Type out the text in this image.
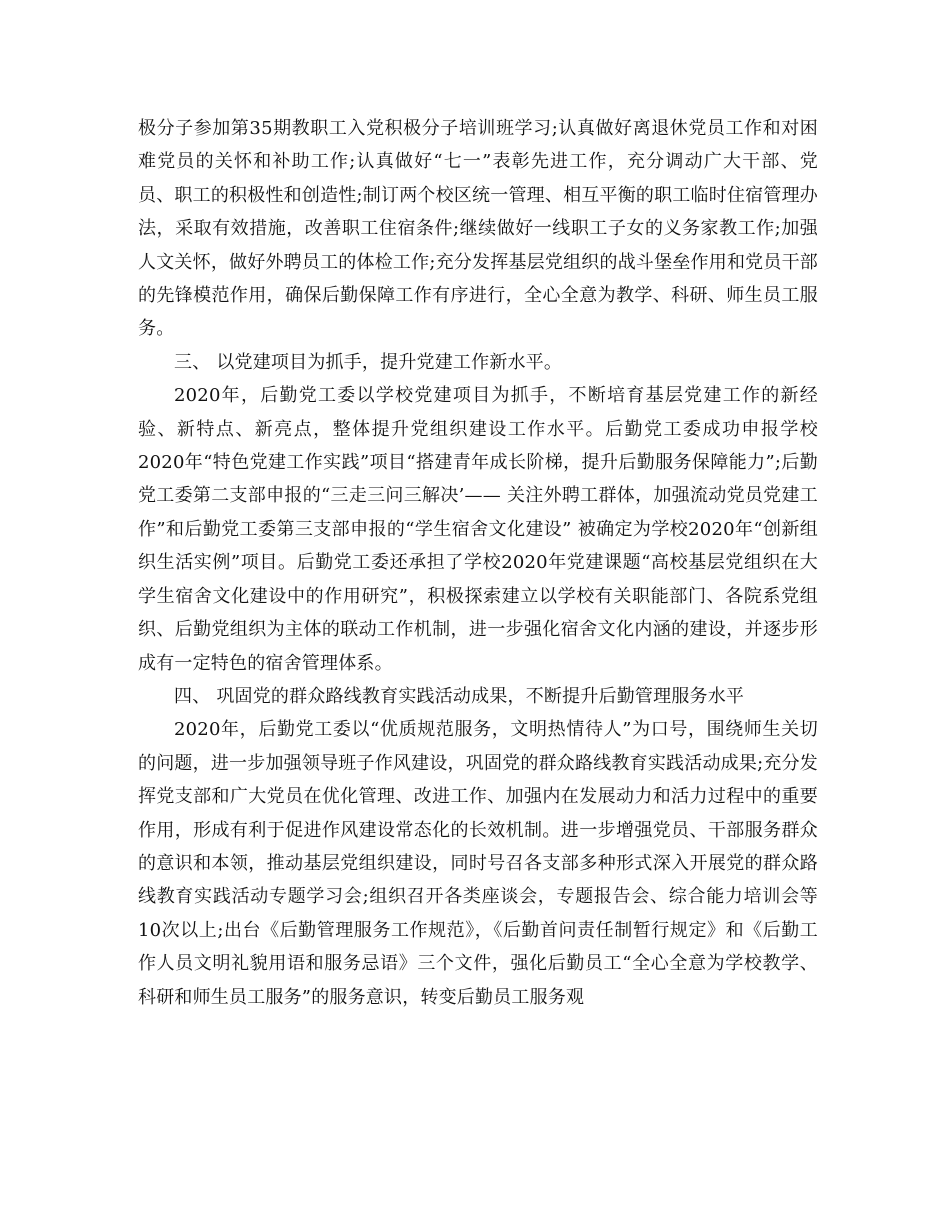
极分子参加第35期教职工入党积极分子培训班学习;认真做好离退休党员工作和对困难党员的关怀和补助工作;认真做好“七一”表彰先进工作，充分调动广大干部、党员、职工的积极性和创造性;制订两个校区统一管理、相互平衡的职工临时住宿管理办法，采取有效措施，改善职工住宿条件;继续做好一线职工子女的义务家教工作;加强人文关怀，做好外聘员工的体检工作;充分发挥基层党组织的战斗堡垒作用和党员干部的先锋模范作用，确保后勤保障工作有序进行，全心全意为教学、科研、师生员工服务。

三、 以党建项目为抓手，提升党建工作新水平。

2020年，后勤党工委以学校党建项目为抓手，不断培育基层党建工作的新经验、新特点、新亮点，整体提升党组织建设工作水平。后勤党工委成功申报学校2020年“特色党建工作实践”项目“搭建青年成长阶梯，提升后勤服务保障能力”;后勤党工委第二支部申报的“三走三问三解决’—— 关注外聘工群体，加强流动党员党建工作”和后勤党工委第三支部申报的“学生宿舍文化建设” 被确定为学校2020年“创新组织生活实例”项目。后勤党工委还承担了学校2020年党建课题“高校基层党组织在大学生宿舍文化建设中的作用研究”，积极探索建立以学校有关职能部门、各院系党组织、后勤党组织为主体的联动工作机制，进一步强化宿舍文化内涵的建设，并逐步形成有一定特色的宿舍管理体系。

四、 巩固党的群众路线教育实践活动成果，不断提升后勤管理服务水平

2020年，后勤党工委以“优质规范服务，文明热情待人”为口号，围绕师生关切的问题，进一步加强领导班子作风建设，巩固党的群众路线教育实践活动成果;充分发挥党支部和广大党员在优化管理、改进工作、加强内在发展动力和活力过程中的重要作用，形成有利于促进作风建设常态化的长效机制。进一步增强党员、干部服务群众的意识和本领，推动基层党组织建设，同时号召各支部多种形式深入开展党的群众路线教育实践活动专题学习会;组织召开各类座谈会，专题报告会、综合能力培训会等10次以上;出台《后勤管理服务工作规范》，《后勤首问责任制暂行规定》和《后勤工作人员文明礼貌用语和服务忌语》三个文件，强化后勤员工“全心全意为学校教学、科研和师生员工服务”的服务意识，转变后勤员工服务观
